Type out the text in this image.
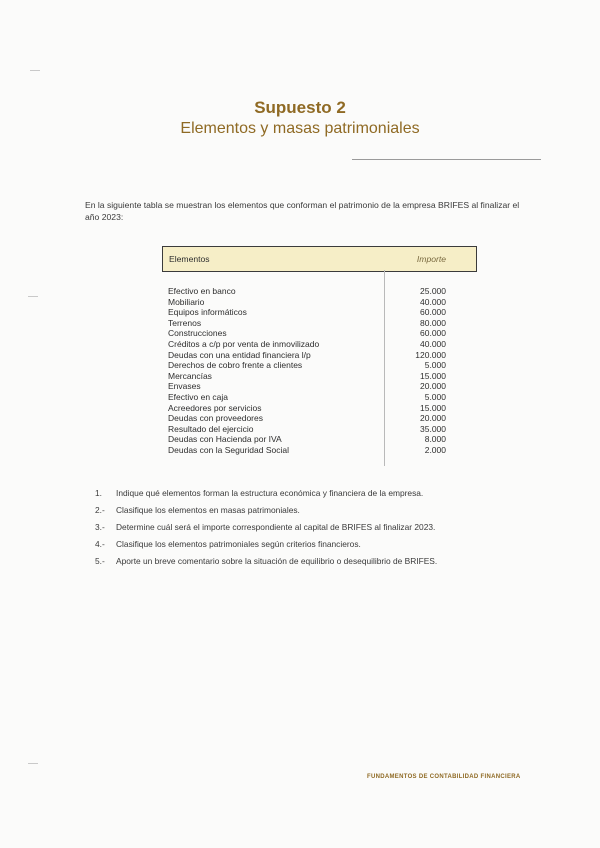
Supuesto 2
Elementos y masas patrimoniales
En la siguiente tabla se muestran los elementos que conforman el patrimonio de la empresa BRIFES al finalizar el año 2023:
Elementos	Importe
Efectivo en banco	25.000
Mobiliario	40.000
Equipos informáticos	60.000
Terrenos	80.000
Construcciones	60.000
Créditos a c/p por venta de inmovilizado	40.000
Deudas con una entidad financiera l/p	120.000
Derechos de cobro frente a clientes	5.000
Mercancías	15.000
Envases	20.000
Efectivo en caja	5.000
Acreedores por servicios	15.000
Deudas con proveedores	20.000
Resultado del ejercicio	35.000
Deudas con Hacienda por IVA	8.000
Deudas con la Seguridad Social	2.000
1.	Indique qué elementos forman la estructura económica y financiera de la empresa.
2.-	Clasifique los elementos en masas patrimoniales.
3.-	Determine cuál será el importe correspondiente al capital de BRIFES al finalizar 2023.
4.-	Clasifique los elementos patrimoniales según criterios financieros.
5.-	Aporte un breve comentario sobre la situación de equilibrio o desequilibrio de BRIFES.
FUNDAMENTOS DE CONTABILIDAD FINANCIERA
